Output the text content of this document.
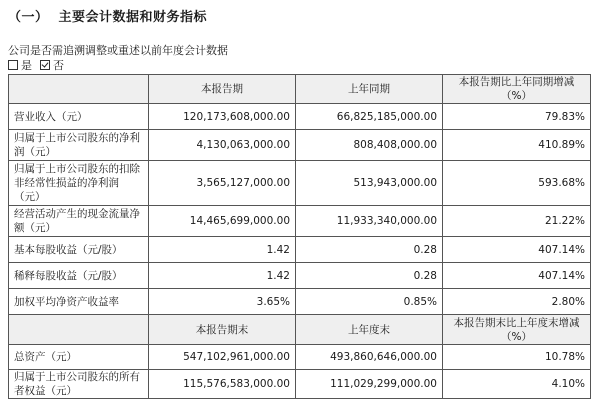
（一） 主要会计数据和财务指标
公司是否需追溯调整或重述以前年度会计数据
是 否
	本报告期	上年同期	本报告期比上年同期增减（%）
营业收入（元）	120,173,608,000.00	66,825,185,000.00	79.83%
归属于上市公司股东的净利润（元）	4,130,063,000.00	808,408,000.00	410.89%
归属于上市公司股东的扣除非经常性损益的净利润（元）	3,565,127,000.00	513,943,000.00	593.68%
经营活动产生的现金流量净额（元）	14,465,699,000.00	11,933,340,000.00	21.22%
基本每股收益（元/股）	1.42	0.28	407.14%
稀释每股收益（元/股）	1.42	0.28	407.14%
加权平均净资产收益率	3.65%	0.85%	2.80%
	本报告期末	上年度末	本报告期末比上年度末增减（%）
总资产（元）	547,102,961,000.00	493,860,646,000.00	10.78%
归属于上市公司股东的所有者权益（元）	115,576,583,000.00	111,029,299,000.00	4.10%
